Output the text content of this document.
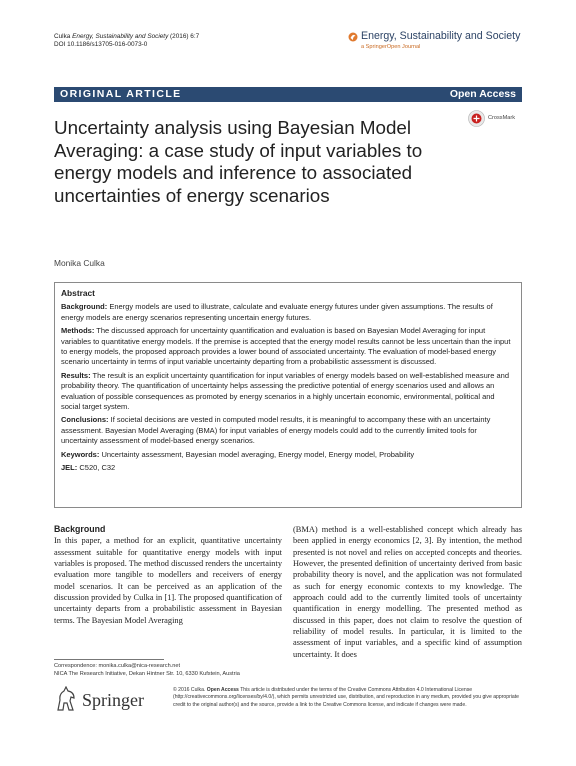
Culka Energy, Sustainability and Society (2016) 6:7
DOI 10.1186/s13705-016-0073-0
Energy, Sustainability and Society
a SpringerOpen Journal
ORIGINAL ARTICLE	Open Access
Uncertainty analysis using Bayesian Model Averaging: a case study of input variables to energy models and inference to associated uncertainties of energy scenarios
CrossMark
Monika Culka
Abstract
Background: Energy models are used to illustrate, calculate and evaluate energy futures under given assumptions. The results of energy models are energy scenarios representing uncertain energy futures.
Methods: The discussed approach for uncertainty quantification and evaluation is based on Bayesian Model Averaging for input variables to quantitative energy models. If the premise is accepted that the energy model results cannot be less uncertain than the input to energy models, the proposed approach provides a lower bound of associated uncertainty. The evaluation of model-based energy scenario uncertainty in terms of input variable uncertainty departing from a probabilistic assessment is discussed.
Results: The result is an explicit uncertainty quantification for input variables of energy models based on well-established measure and probability theory. The quantification of uncertainty helps assessing the predictive potential of energy scenarios used and allows an evaluation of possible consequences as promoted by energy scenarios in a highly uncertain economic, environmental, political and social target system.
Conclusions: If societal decisions are vested in computed model results, it is meaningful to accompany these with an uncertainty assessment. Bayesian Model Averaging (BMA) for input variables of energy models could add to the currently limited tools for uncertainty assessment of model-based energy scenarios.
Keywords: Uncertainty assessment, Bayesian model averaging, Energy model, Energy model, Probability
JEL: C520, C32
Background
In this paper, a method for an explicit, quantitative uncertainty assessment suitable for quantitative energy models with input variables is proposed. The method discussed renders the uncertainty evaluation more tangible to modellers and receivers of energy model scenarios. It can be perceived as an application of the discussion provided by Culka in [1]. The proposed quantification of uncertainty departs from a probabilistic assessment in Bayesian terms. The Bayesian Model Averaging
(BMA) method is a well-established concept which already has been applied in energy economics [2, 3]. By intention, the method presented is not novel and relies on accepted concepts and theories. However, the presented definition of uncertainty derived from basic probability theory is novel, and the application was not formulated as such for energy economic contexts to my knowledge. The approach could add to the currently limited tools of uncertainty quantification in energy modelling. The presented method as discussed in this paper, does not claim to resolve the question of reliability of model results. In particular, it is limited to the assessment of input variables, and a specific kind of assumption uncertainty. It does
Correspondence: monika.culka@nica-research.net
NICA The Research Initiative, Dekan Hintner Str. 10, 6330 Kufstein, Austria
Springer	© 2016 Culka. Open Access This article is distributed under the terms of the Creative Commons Attribution 4.0 International License (http://creativecommons.org/licenses/by/4.0/), which permits unrestricted use, distribution, and reproduction in any medium, provided you give appropriate credit to the original author(s) and the source, provide a link to the Creative Commons license, and indicate if changes were made.
